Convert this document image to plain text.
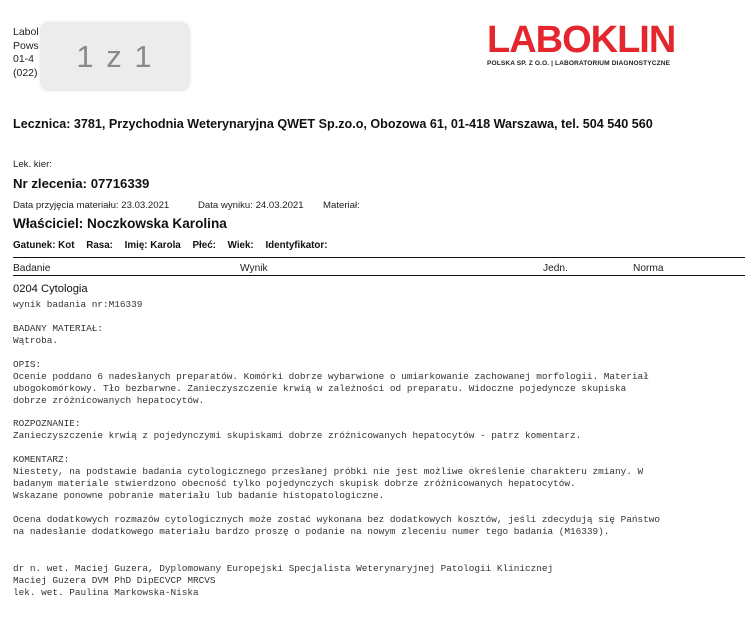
Labol
Pows
01-4
(022) 1 z 1	LABOKLIN
POLSKA SP. Z O.O. | LABORATORIUM DIAGNOSTYCZNE
Lecznica: 3781, Przychodnia Weterynaryjna QWET Sp.zo.o, Obozowa 61, 01-418 Warszawa, tel. 504 540 560
Lek. kier:
Nr zlecenia: 07716339
Data przyjęcia materiału: 23.03.2021	Data wyniku: 24.03.2021 Materiał:
Właściciel: Noczkowska Karolina
Gatunek: Kot Rasa: Imię: Karola Płeć: Wiek: Identyfikator:
Badanie	Wynik	Jedn.	Norma
0204 Cytologia
wynik badania nr:M16339
BADANY MATERIAŁ:
Wątroba.
OPIS:
Ocenie poddano 6 nadesłanych preparatów. Komórki dobrze wybarwione o umiarkowanie zachowanej morfologii. Materiał
ubogokomórkowy. Tło bezbarwne. Zanieczyszczenie krwią w zależności od preparatu. Widoczne pojedyncze skupiska
dobrze zróżnicowanych hepatocytów.
ROZPOZNANIE:
Zanieczyszczenie krwią z pojedynczymi skupiskami dobrze zróżnicowanych hepatocytów - patrz komentarz.
KOMENTARZ:
Niestety, na podstawie badania cytologicznego przesłanej próbki nie jest możliwe określenie charakteru zmiany. W
badanym materiale stwierdzono obecność tylko pojedynczych skupisk dobrze zróżnicowanych hepatocytów.
Wskazane ponowne pobranie materiału lub badanie histopatologiczne.
Ocena dodatkowych rozmazów cytologicznych może zostać wykonana bez dodatkowych kosztów, jeśli zdecydują się Państwo
na nadesłanie dodatkowego materiału bardzo proszę o podanie na nowym zleceniu numer tego badania (M16339).
dr n. wet. Maciej Guzera, Dyplomowany Europejski Specjalista Weterynaryjnej Patologii Klinicznej
Maciej Guzera DVM PhD DipECVCP MRCVS
lek. wet. Paulina Markowska-Niska
